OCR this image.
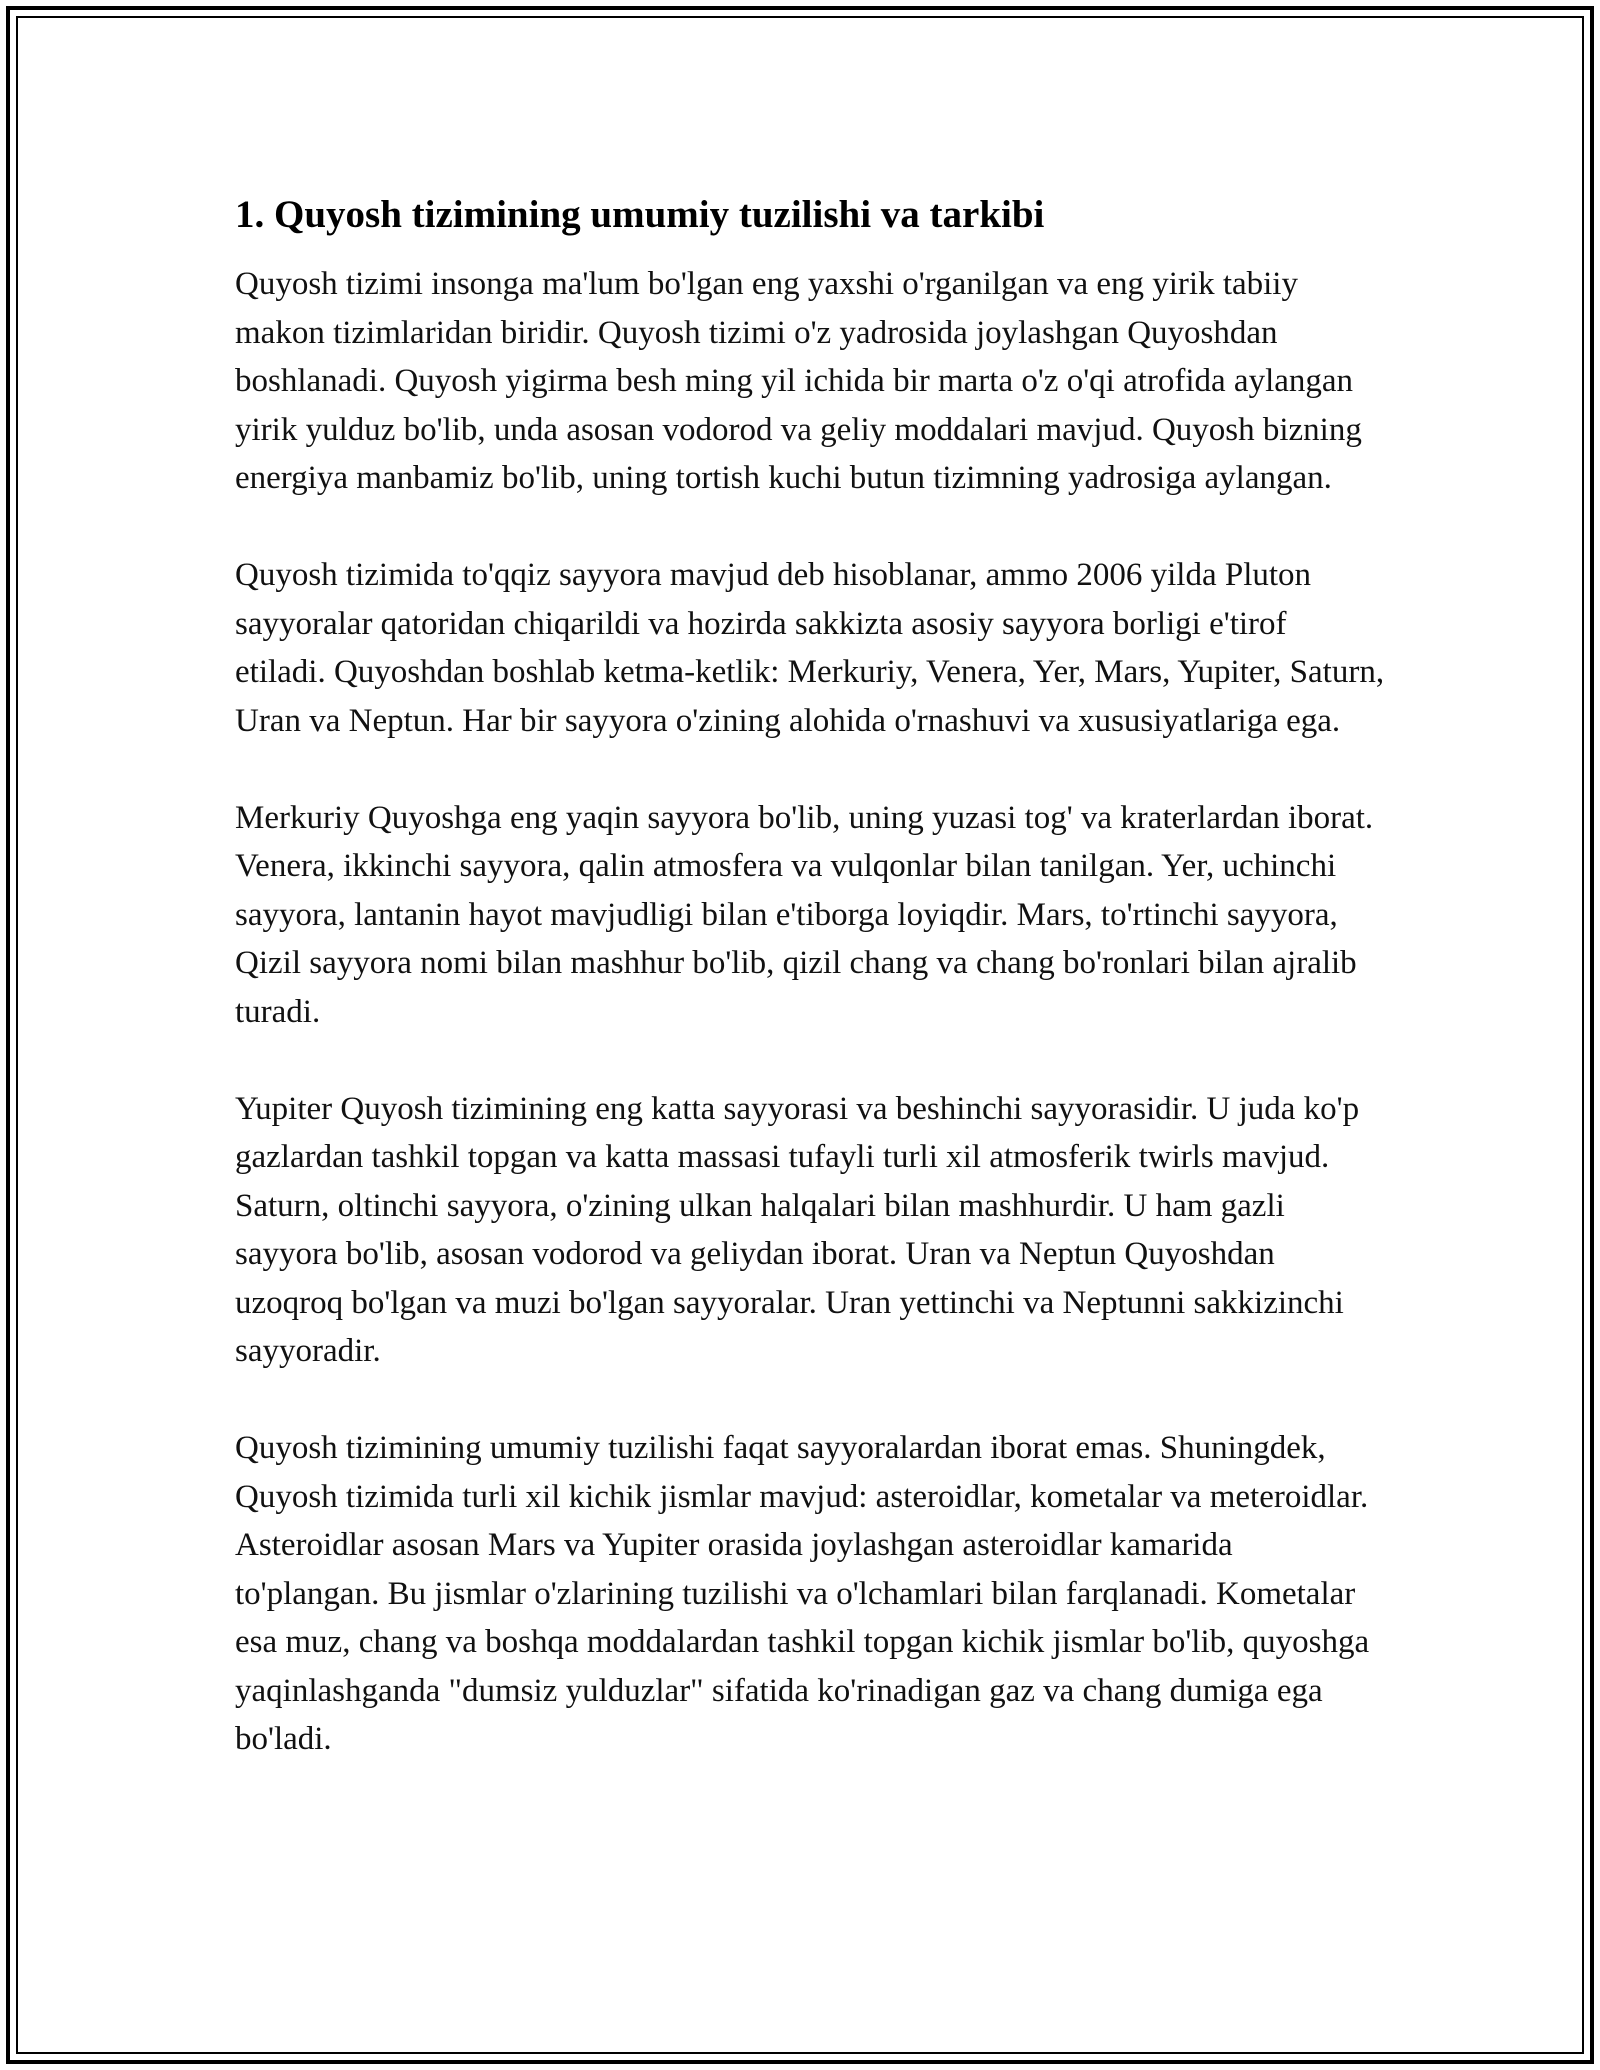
1. Quyosh tizimining umumiy tuzilishi va tarkibi

Quyosh tizimi insonga ma'lum bo'lgan eng yaxshi o'rganilgan va eng yirik tabiiy makon tizimlaridan biridir. Quyosh tizimi o'z yadrosida joylashgan Quyoshdan boshlanadi. Quyosh yigirma besh ming yil ichida bir marta o'z o'qi atrofida aylangan yirik yulduz bo'lib, unda asosan vodorod va geliy moddalari mavjud. Quyosh bizning energiya manbamiz bo'lib, uning tortish kuchi butun tizimning yadrosiga aylangan.

Quyosh tizimida to'qqiz sayyora mavjud deb hisoblanar, ammo 2006 yilda Pluton sayyoralar qatoridan chiqarildi va hozirda sakkizta asosiy sayyora borligi e'tirof etiladi. Quyoshdan boshlab ketma-ketlik: Merkuriy, Venera, Yer, Mars, Yupiter, Saturn, Uran va Neptun. Har bir sayyora o'zining alohida o'rnashuvi va xususiyatlariga ega.

Merkuriy Quyoshga eng yaqin sayyora bo'lib, uning yuzasi tog' va kraterlardan iborat. Venera, ikkinchi sayyora, qalin atmosfera va vulqonlar bilan tanilgan. Yer, uchinchi sayyora, lantanin hayot mavjudligi bilan e'tiborga loyiqdir. Mars, to'rtinchi sayyora, Qizil sayyora nomi bilan mashhur bo'lib, qizil chang va chang bo'ronlari bilan ajralib turadi.

Yupiter Quyosh tizimining eng katta sayyorasi va beshinchi sayyorasidir. U juda ko'p gazlardan tashkil topgan va katta massasi tufayli turli xil atmosferik twirls mavjud. Saturn, oltinchi sayyora, o'zining ulkan halqalari bilan mashhurdir. U ham gazli sayyora bo'lib, asosan vodorod va geliydan iborat. Uran va Neptun Quyoshdan uzoqroq bo'lgan va muzi bo'lgan sayyoralar. Uran yettinchi va Neptunni sakkizinchi sayyoradir.

Quyosh tizimining umumiy tuzilishi faqat sayyoralardan iborat emas. Shuningdek, Quyosh tizimida turli xil kichik jismlar mavjud: asteroidlar, kometalar va meteroidlar. Asteroidlar asosan Mars va Yupiter orasida joylashgan asteroidlar kamarida to'plangan. Bu jismlar o'zlarining tuzilishi va o'lchamlari bilan farqlanadi. Kometalar esa muz, chang va boshqa moddalardan tashkil topgan kichik jismlar bo'lib, quyoshga yaqinlashganda "dumsiz yulduzlar" sifatida ko'rinadigan gaz va chang dumiga ega bo'ladi.
